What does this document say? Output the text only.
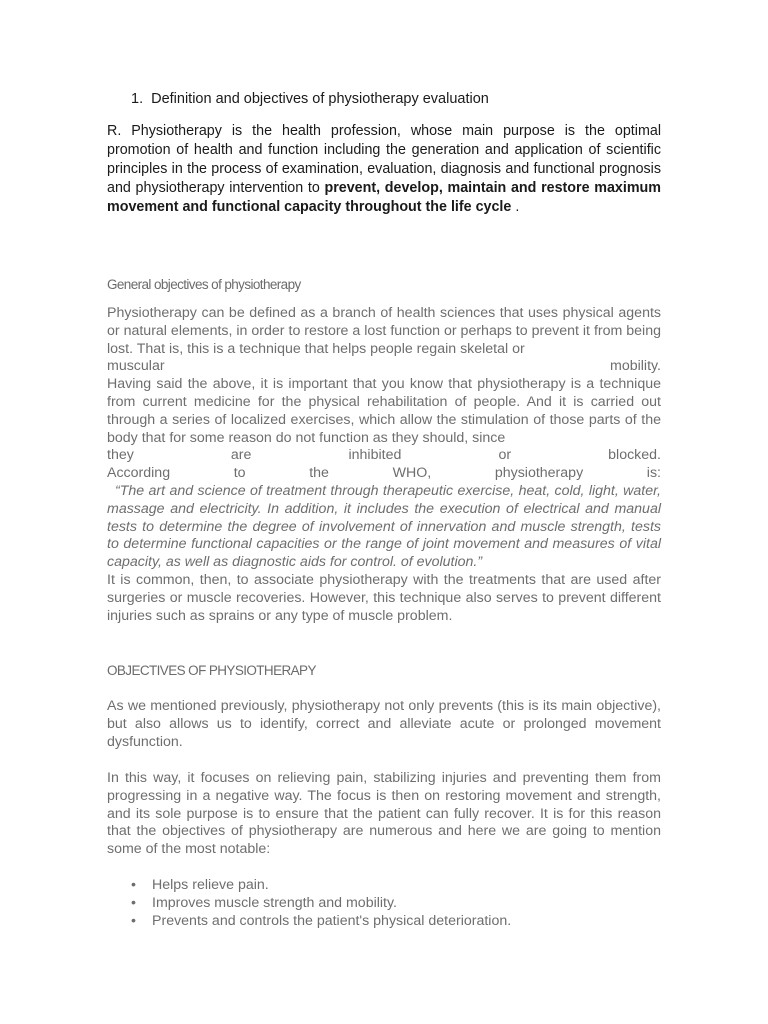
1. Definition and objectives of physiotherapy evaluation
R. Physiotherapy is the health profession, whose main purpose is the optimal promotion of health and function including the generation and application of scientific principles in the process of examination, evaluation, diagnosis and functional prognosis and physiotherapy intervention to prevent, develop, maintain and restore maximum movement and functional capacity throughout the life cycle .
General objectives of physiotherapy
Physiotherapy can be defined as a branch of health sciences that uses physical agents or natural elements, in order to restore a lost function or perhaps to prevent it from being lost. That is, this is a technique that helps people regain skeletal or
muscular	mobility.
Having said the above, it is important that you know that physiotherapy is a technique from current medicine for the physical rehabilitation of people. And it is carried out through a series of localized exercises, which allow the stimulation of those parts of the body that for some reason do not function as they should, since
they are inhibited or blocked.
According to the WHO, physiotherapy is:
“The art and science of treatment through therapeutic exercise, heat, cold, light, water, massage and electricity. In addition, it includes the execution of electrical and manual tests to determine the degree of involvement of innervation and muscle strength, tests to determine functional capacities or the range of joint movement and measures of vital capacity, as well as diagnostic aids for control. of evolution.”
It is common, then, to associate physiotherapy with the treatments that are used after surgeries or muscle recoveries. However, this technique also serves to prevent different injuries such as sprains or any type of muscle problem.
OBJECTIVES OF PHYSIOTHERAPY
As we mentioned previously, physiotherapy not only prevents (this is its main objective), but also allows us to identify, correct and alleviate acute or prolonged movement dysfunction.
In this way, it focuses on relieving pain, stabilizing injuries and preventing them from progressing in a negative way. The focus is then on restoring movement and strength, and its sole purpose is to ensure that the patient can fully recover. It is for this reason that the objectives of physiotherapy are numerous and here we are going to mention some of the most notable:
• Helps relieve pain.
• Improves muscle strength and mobility.
• Prevents and controls the patient's physical deterioration.
